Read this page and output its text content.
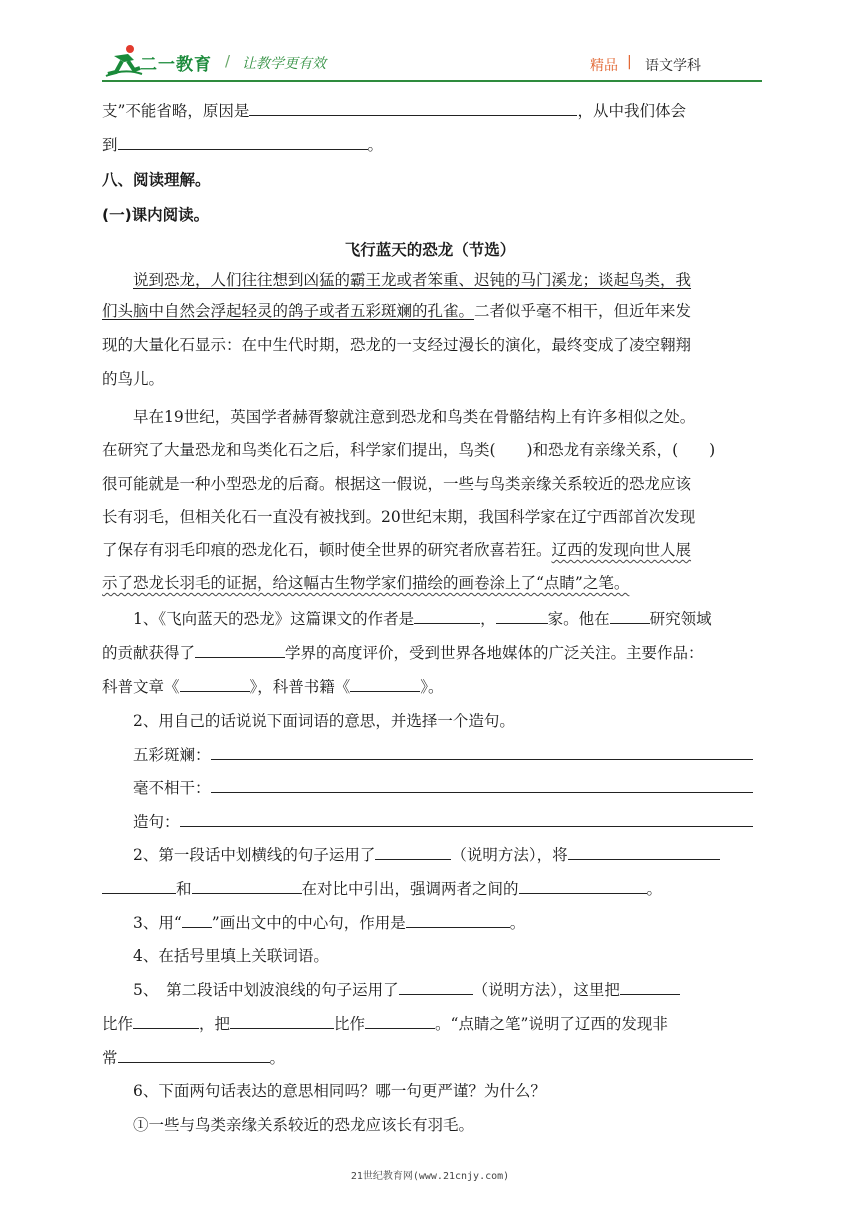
二一教育 / 让教学更有效	精品 | 语文学科
支”不能省略，原因是	，从中我们体会
到	。
八、阅读理解。
(一)课内阅读。
飞行蓝天的恐龙（节选）
说到恐龙，人们往往想到凶猛的霸王龙或者笨重、迟钝的马门溪龙；谈起鸟类，我
们头脑中自然会浮起轻灵的鸽子或者五彩斑斓的孔雀。二者似乎毫不相干，但近年来发
现的大量化石显示：在中生代时期，恐龙的一支经过漫长的演化，最终变成了凌空翱翔
的鸟儿。
早在19世纪，英国学者赫胥黎就注意到恐龙和鸟类在骨骼结构上有许多相似之处。
在研究了大量恐龙和鸟类化石之后，科学家们提出，鸟类(　　)和恐龙有亲缘关系，(　　)
很可能就是一种小型恐龙的后裔。根据这一假说，一些与鸟类亲缘关系较近的恐龙应该
长有羽毛，但相关化石一直没有被找到。20世纪末期，我国科学家在辽宁西部首次发现
了保存有羽毛印痕的恐龙化石，顿时使全世界的研究者欣喜若狂。辽西的发现向世人展
示了恐龙长羽毛的证据，给这幅古生物学家们描绘的画卷涂上了“点睛”之笔。
1、《飞向蓝天的恐龙》这篇课文的作者是	，	家。他在	研究领域
的贡献获得了	学界的高度评价，受到世界各地媒体的广泛关注。主要作品：
科普文章《	》，科普书籍《	》。
2、用自己的话说说下面词语的意思，并选择一个造句。
五彩斑斓：
毫不相干：
造句：
2、第一段话中划横线的句子运用了	（说明方法），将
和	在对比中引出，强调两者之间的	。
3、用“ ”画出文中的中心句，作用是	。
4、在括号里填上关联词语。
5、　第二段话中划波浪线的句子运用了	（说明方法），这里把
比作	，把	比作	。“点睛之笔”说明了辽西的发现非
常	。
6、下面两句话表达的意思相同吗？哪一句更严谨？为什么？
①一些与鸟类亲缘关系较近的恐龙应该长有羽毛。
21世纪教育网(www.21cnjy.com)
